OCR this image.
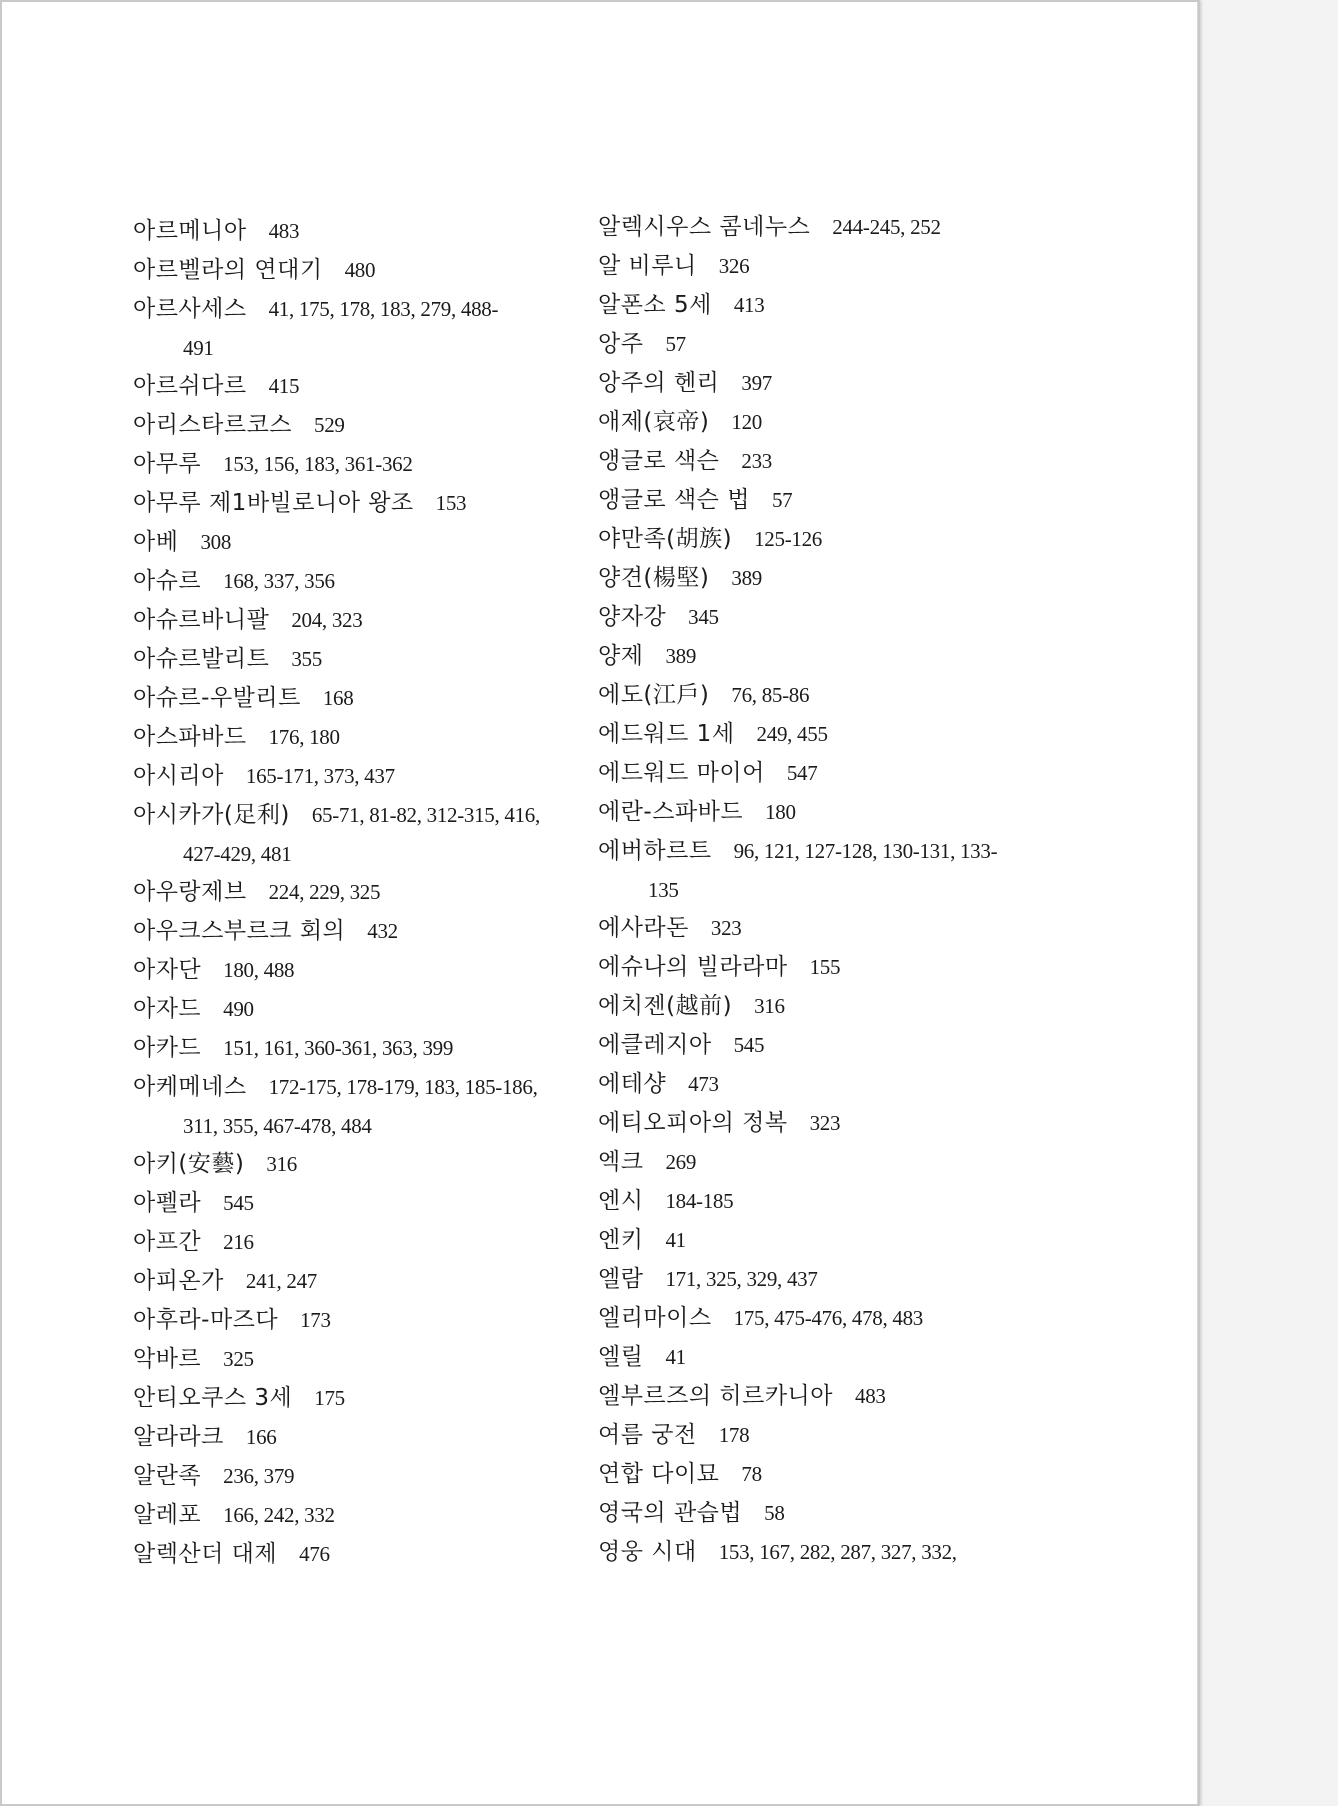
아르메니아 483
아르벨라의 연대기 480
아르사세스 41, 175, 178, 183, 279, 488-
491
아르쉬다르 415
아리스타르코스 529
아무루 153, 156, 183, 361-362
아무루 제1바빌로니아 왕조 153
아베 308
아슈르 168, 337, 356
아슈르바니팔 204, 323
아슈르발리트 355
아슈르-우발리트 168
아스파바드 176, 180
아시리아 165-171, 373, 437
아시카가(足利) 65-71, 81-82, 312-315, 416,
427-429, 481
아우랑제브 224, 229, 325
아우크스부르크 회의 432
아자단 180, 488
아자드 490
아카드 151, 161, 360-361, 363, 399
아케메네스 172-175, 178-179, 183, 185-186,
311, 355, 467-478, 484
아키(安藝) 316
아펠라 545
아프간 216
아피온가 241, 247
아후라-마즈다 173
악바르 325
안티오쿠스 3세 175
알라라크 166
알란족 236, 379
알레포 166, 242, 332
알렉산더 대제 476
알렉시우스 콤네누스 244-245, 252
알 비루니 326
알폰소 5세 413
앙주 57
앙주의 헨리 397
애제(哀帝) 120
앵글로 색슨 233
앵글로 색슨 법 57
야만족(胡族) 125-126
양견(楊堅) 389
양자강 345
양제 389
에도(江戶) 76, 85-86
에드워드 1세 249, 455
에드워드 마이어 547
에란-스파바드 180
에버하르트 96, 121, 127-128, 130-131, 133-
135
에사라돈 323
에슈나의 빌라라마 155
에치젠(越前) 316
에클레지아 545
에테샹 473
에티오피아의 정복 323
엑크 269
엔시 184-185
엔키 41
엘람 171, 325, 329, 437
엘리마이스 175, 475-476, 478, 483
엘릴 41
엘부르즈의 히르카니아 483
여름 궁전 178
연합 다이묘 78
영국의 관습법 58
영웅 시대 153, 167, 282, 287, 327, 332,
